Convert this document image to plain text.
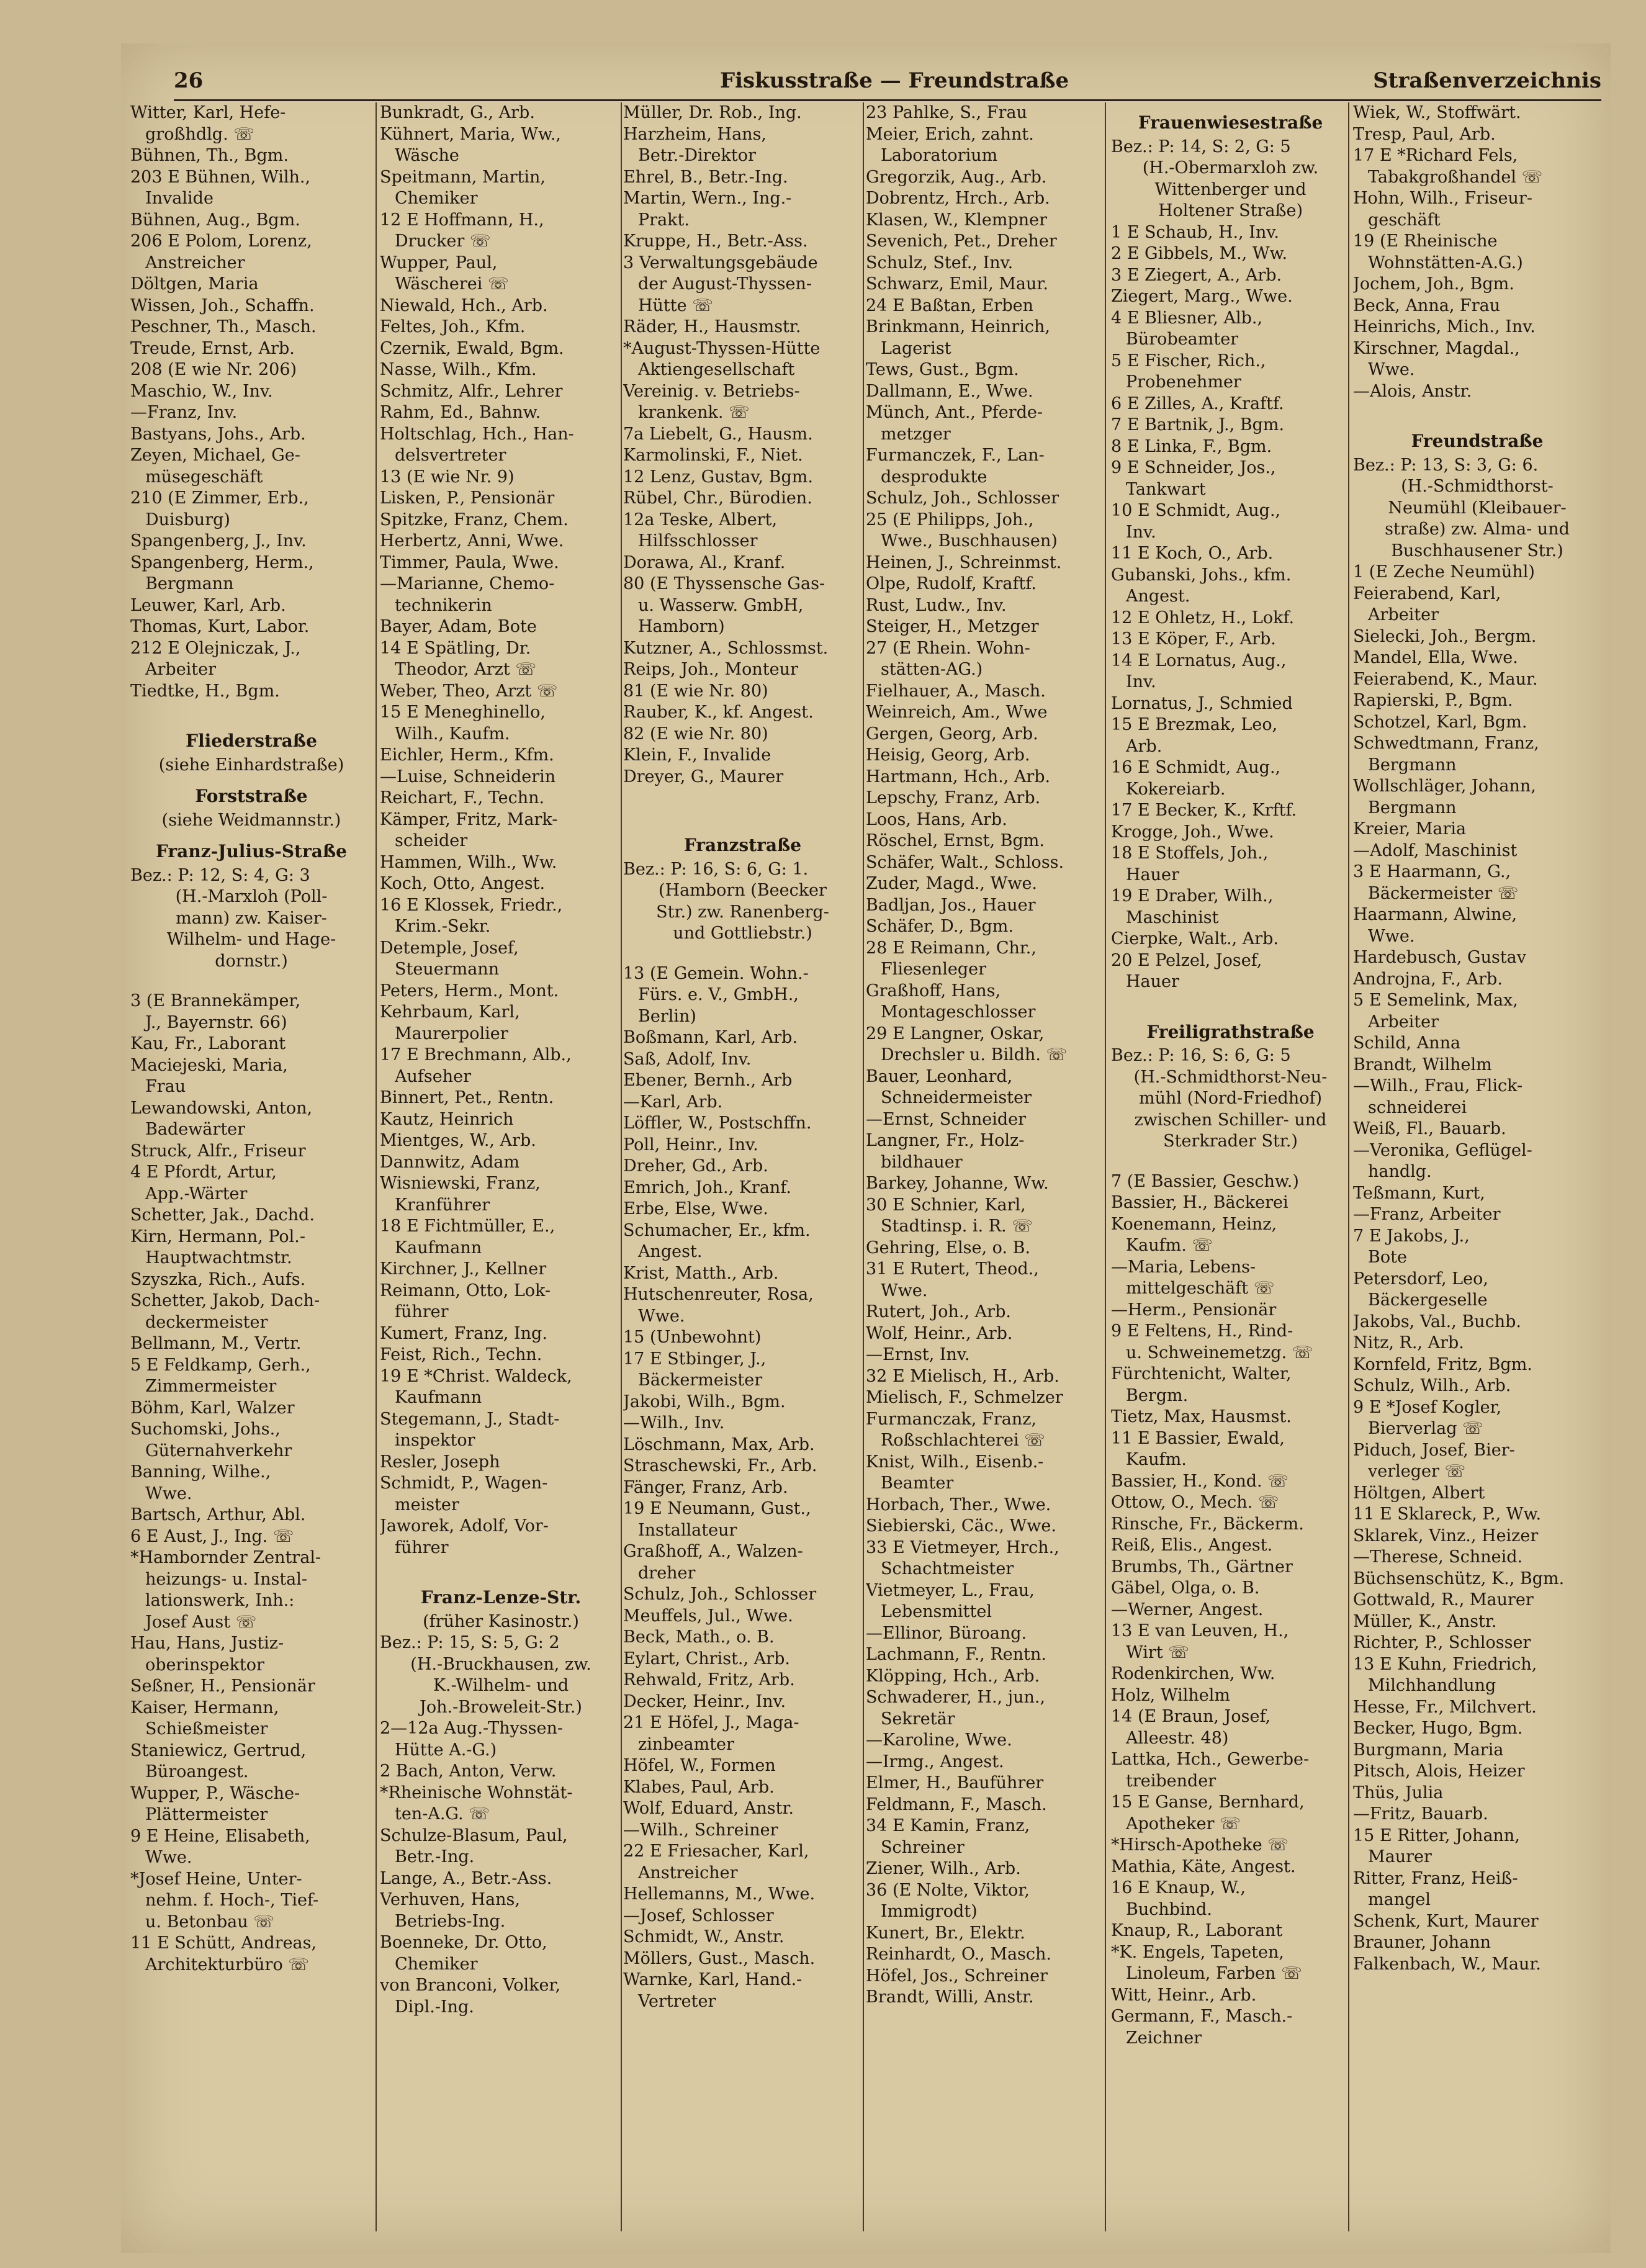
26	Fiskusstraße — Freundstraße	Straßenverzeichnis
Witter, Karl, Hefe-
großhdlg. ☏
Bühnen, Th., Bgm.
203 E Bühnen, Wilh.,
Invalide
Bühnen, Aug., Bgm.
206 E Polom, Lorenz,
Anstreicher
Döltgen, Maria
Wissen, Joh., Schaffn.
Peschner, Th., Masch.
Treude, Ernst, Arb.
208 (E wie Nr. 206)
Maschio, W., Inv.
—Franz, Inv.
Bastyans, Johs., Arb.
Zeyen, Michael, Ge-
müsegeschäft
210 (E Zimmer, Erb.,
Duisburg)
Spangenberg, J., Inv.
Spangenberg, Herm.,
Bergmann
Leuwer, Karl, Arb.
Thomas, Kurt, Labor.
212 E Olejniczak, J.,
Arbeiter
Tiedtke, H., Bgm.
Fliederstraße
(siehe Einhardstraße)
Forststraße
(siehe Weidmannstr.)
Franz-Julius-Straße
Bez.: P: 12, S: 4, G: 3
(H.-Marxloh (Poll-
mann) zw. Kaiser-
Wilhelm- und Hage-
dornstr.)
3 (E Brannekämper,
J., Bayernstr. 66)
Kau, Fr., Laborant
Maciejeski, Maria,
Frau
Lewandowski, Anton,
Badewärter
Struck, Alfr., Friseur
4 E Pfordt, Artur,
App.-Wärter
Schetter, Jak., Dachd.
Kirn, Hermann, Pol.-
Hauptwachtmstr.
Szyszka, Rich., Aufs.
Schetter, Jakob, Dach-
deckermeister
Bellmann, M., Vertr.
5 E Feldkamp, Gerh.,
Zimmermeister
Böhm, Karl, Walzer
Suchomski, Johs.,
Güternahverkehr
Banning, Wilhe.,
Wwe.
Bartsch, Arthur, Abl.
6 E Aust, J., Ing. ☏
*Hambornder Zentral-
heizungs- u. Instal-
lationswerk, Inh.:
Josef Aust ☏
Hau, Hans, Justiz-
oberinspektor
Seßner, H., Pensionär
Kaiser, Hermann,
Schießmeister
Staniewicz, Gertrud,
Büroangest.
Wupper, P., Wäsche-
Plättermeister
9 E Heine, Elisabeth,
Wwe.
*Josef Heine, Unter-
nehm. f. Hoch-, Tief-
u. Betonbau ☏
11 E Schütt, Andreas,
Architekturbüro ☏
Bunkradt, G., Arb.
Kühnert, Maria, Ww.,
Wäsche
Speitmann, Martin,
Chemiker
12 E Hoffmann, H.,
Drucker ☏
Wupper, Paul,
Wäscherei ☏
Niewald, Hch., Arb.
Feltes, Joh., Kfm.
Czernik, Ewald, Bgm.
Nasse, Wilh., Kfm.
Schmitz, Alfr., Lehrer
Rahm, Ed., Bahnw.
Holtschlag, Hch., Han-
delsvertreter
13 (E wie Nr. 9)
Lisken, P., Pensionär
Spitzke, Franz, Chem.
Herbertz, Anni, Wwe.
Timmer, Paula, Wwe.
—Marianne, Chemo-
technikerin
Bayer, Adam, Bote
14 E Spätling, Dr.
Theodor, Arzt ☏
Weber, Theo, Arzt ☏
15 E Meneghinello,
Wilh., Kaufm.
Eichler, Herm., Kfm.
—Luise, Schneiderin
Reichart, F., Techn.
Kämper, Fritz, Mark-
scheider
Hammen, Wilh., Ww.
Koch, Otto, Angest.
16 E Klossek, Friedr.,
Krim.-Sekr.
Detemple, Josef,
Steuermann
Peters, Herm., Mont.
Kehrbaum, Karl,
Maurerpolier
17 E Brechmann, Alb.,
Aufseher
Binnert, Pet., Rentn.
Kautz, Heinrich
Mientges, W., Arb.
Dannwitz, Adam
Wisniewski, Franz,
Kranführer
18 E Fichtmüller, E.,
Kaufmann
Kirchner, J., Kellner
Reimann, Otto, Lok-
führer
Kumert, Franz, Ing.
Feist, Rich., Techn.
19 E *Christ. Waldeck,
Kaufmann
Stegemann, J., Stadt-
inspektor
Resler, Joseph
Schmidt, P., Wagen-
meister
Jaworek, Adolf, Vor-
führer
Franz-Lenze-Str.
(früher Kasinostr.)
Bez.: P: 15, S: 5, G: 2
(H.-Bruckhausen, zw.
K.-Wilhelm- und
Joh.-Broweleit-Str.)
2—12a Aug.-Thyssen-
Hütte A.-G.)
2 Bach, Anton, Verw.
*Rheinische Wohnstät-
ten-A.G. ☏
Schulze-Blasum, Paul,
Betr.-Ing.
Lange, A., Betr.-Ass.
Verhuven, Hans,
Betriebs-Ing.
Boenneke, Dr. Otto,
Chemiker
von Branconi, Volker,
Dipl.-Ing.
Müller, Dr. Rob., Ing.
Harzheim, Hans,
Betr.-Direktor
Ehrel, B., Betr.-Ing.
Martin, Wern., Ing.-
Prakt.
Kruppe, H., Betr.-Ass.
3 Verwaltungsgebäude
der August-Thyssen-
Hütte ☏
Räder, H., Hausmstr.
*August-Thyssen-Hütte
Aktiengesellschaft
Vereinig. v. Betriebs-
krankenk. ☏
7a Liebelt, G., Hausm.
Karmolinski, F., Niet.
12 Lenz, Gustav, Bgm.
Rübel, Chr., Bürodien.
12a Teske, Albert,
Hilfsschlosser
Dorawa, Al., Kranf.
80 (E Thyssensche Gas-
u. Wasserw. GmbH,
Hamborn)
Kutzner, A., Schlossmst.
Reips, Joh., Monteur
81 (E wie Nr. 80)
Rauber, K., kf. Angest.
82 (E wie Nr. 80)
Klein, F., Invalide
Dreyer, G., Maurer
Franzstraße
Bez.: P: 16, S: 6, G: 1.
(Hamborn (Beecker
Str.) zw. Ranenberg-
und Gottliebstr.)
13 (E Gemein. Wohn.-
Fürs. e. V., GmbH.,
Berlin)
Boßmann, Karl, Arb.
Saß, Adolf, Inv.
Ebener, Bernh., Arb
—Karl, Arb.
Löffler, W., Postschffn.
Poll, Heinr., Inv.
Dreher, Gd., Arb.
Emrich, Joh., Kranf.
Erbe, Else, Wwe.
Schumacher, Er., kfm.
Angest.
Krist, Matth., Arb.
Hutschenreuter, Rosa,
Wwe.
15 (Unbewohnt)
17 E Stbinger, J.,
Bäckermeister
Jakobi, Wilh., Bgm.
—Wilh., Inv.
Löschmann, Max, Arb.
Straschewski, Fr., Arb.
Fänger, Franz, Arb.
19 E Neumann, Gust.,
Installateur
Graßhoff, A., Walzen-
dreher
Schulz, Joh., Schlosser
Meuffels, Jul., Wwe.
Beck, Math., o. B.
Eylart, Christ., Arb.
Rehwald, Fritz, Arb.
Decker, Heinr., Inv.
21 E Höfel, J., Maga-
zinbeamter
Höfel, W., Formen
Klabes, Paul, Arb.
Wolf, Eduard, Anstr.
—Wilh., Schreiner
22 E Friesacher, Karl,
Anstreicher
Hellemanns, M., Wwe.
—Josef, Schlosser
Schmidt, W., Anstr.
Möllers, Gust., Masch.
Warnke, Karl, Hand.-
Vertreter
23 Pahlke, S., Frau
Meier, Erich, zahnt.
Laboratorium
Gregorzik, Aug., Arb.
Dobrentz, Hrch., Arb.
Klasen, W., Klempner
Sevenich, Pet., Dreher
Schulz, Stef., Inv.
Schwarz, Emil, Maur.
24 E Baßtan, Erben
Brinkmann, Heinrich,
Lagerist
Tews, Gust., Bgm.
Dallmann, E., Wwe.
Münch, Ant., Pferde-
metzger
Furmanczek, F., Lan-
desprodukte
Schulz, Joh., Schlosser
25 (E Philipps, Joh.,
Wwe., Buschhausen)
Heinen, J., Schreinmst.
Olpe, Rudolf, Kraftf.
Rust, Ludw., Inv.
Steiger, H., Metzger
27 (E Rhein. Wohn-
stätten-AG.)
Fielhauer, A., Masch.
Weinreich, Am., Wwe
Gergen, Georg, Arb.
Heisig, Georg, Arb.
Hartmann, Hch., Arb.
Lepschy, Franz, Arb.
Loos, Hans, Arb.
Röschel, Ernst, Bgm.
Schäfer, Walt., Schloss.
Zuder, Magd., Wwe.
Badljan, Jos., Hauer
Schäfer, D., Bgm.
28 E Reimann, Chr.,
Fliesenleger
Graßhoff, Hans,
Montageschlosser
29 E Langner, Oskar,
Drechsler u. Bildh. ☏
Bauer, Leonhard,
Schneidermeister
—Ernst, Schneider
Langner, Fr., Holz-
bildhauer
Barkey, Johanne, Ww.
30 E Schnier, Karl,
Stadtinsp. i. R. ☏
Gehring, Else, o. B.
31 E Rutert, Theod.,
Wwe.
Rutert, Joh., Arb.
Wolf, Heinr., Arb.
—Ernst, Inv.
32 E Mielisch, H., Arb.
Mielisch, F., Schmelzer
Furmanczak, Franz,
Roßschlachterei ☏
Knist, Wilh., Eisenb.-
Beamter
Horbach, Ther., Wwe.
Siebierski, Cäc., Wwe.
33 E Vietmeyer, Hrch.,
Schachtmeister
Vietmeyer, L., Frau,
Lebensmittel
—Ellinor, Büroang.
Lachmann, F., Rentn.
Klöpping, Hch., Arb.
Schwaderer, H., jun.,
Sekretär
—Karoline, Wwe.
—Irmg., Angest.
Elmer, H., Bauführer
Feldmann, F., Masch.
34 E Kamin, Franz,
Schreiner
Ziener, Wilh., Arb.
36 (E Nolte, Viktor,
Immigrodt)
Kunert, Br., Elektr.
Reinhardt, O., Masch.
Höfel, Jos., Schreiner
Brandt, Willi, Anstr.
Frauenwiesestraße
Bez.: P: 14, S: 2, G: 5
(H.-Obermarxloh zw.
Wittenberger und
Holtener Straße)
1 E Schaub, H., Inv.
2 E Gibbels, M., Ww.
3 E Ziegert, A., Arb.
Ziegert, Marg., Wwe.
4 E Bliesner, Alb.,
Bürobeamter
5 E Fischer, Rich.,
Probenehmer
6 E Zilles, A., Kraftf.
7 E Bartnik, J., Bgm.
8 E Linka, F., Bgm.
9 E Schneider, Jos.,
Tankwart
10 E Schmidt, Aug.,
Inv.
11 E Koch, O., Arb.
Gubanski, Johs., kfm.
Angest.
12 E Ohletz, H., Lokf.
13 E Köper, F., Arb.
14 E Lornatus, Aug.,
Inv.
Lornatus, J., Schmied
15 E Brezmak, Leo,
Arb.
16 E Schmidt, Aug.,
Kokereiarb.
17 E Becker, K., Krftf.
Krogge, Joh., Wwe.
18 E Stoffels, Joh.,
Hauer
19 E Draber, Wilh.,
Maschinist
Cierpke, Walt., Arb.
20 E Pelzel, Josef,
Hauer
Freiligrathstraße
Bez.: P: 16, S: 6, G: 5
(H.-Schmidthorst-Neu-
mühl (Nord-Friedhof)
zwischen Schiller- und
Sterkrader Str.)
7 (E Bassier, Geschw.)
Bassier, H., Bäckerei
Koenemann, Heinz,
Kaufm. ☏
—Maria, Lebens-
mittelgeschäft ☏
—Herm., Pensionär
9 E Feltens, H., Rind-
u. Schweinemetzg. ☏
Fürchtenicht, Walter,
Bergm.
Tietz, Max, Hausmst.
11 E Bassier, Ewald,
Kaufm.
Bassier, H., Kond. ☏
Ottow, O., Mech. ☏
Rinsche, Fr., Bäckerm.
Reiß, Elis., Angest.
Brumbs, Th., Gärtner
Gäbel, Olga, o. B.
—Werner, Angest.
13 E van Leuven, H.,
Wirt ☏
Rodenkirchen, Ww.
Holz, Wilhelm
14 (E Braun, Josef,
Alleestr. 48)
Lattka, Hch., Gewerbe-
treibender
15 E Ganse, Bernhard,
Apotheker ☏
*Hirsch-Apotheke ☏
Mathia, Käte, Angest.
16 E Knaup, W.,
Buchbind.
Knaup, R., Laborant
*K. Engels, Tapeten,
Linoleum, Farben ☏
Witt, Heinr., Arb.
Germann, F., Masch.-
Zeichner
Wiek, W., Stoffwärt.
Tresp, Paul, Arb.
17 E *Richard Fels,
Tabakgroßhandel ☏
Hohn, Wilh., Friseur-
geschäft
19 (E Rheinische
Wohnstätten-A.G.)
Jochem, Joh., Bgm.
Beck, Anna, Frau
Heinrichs, Mich., Inv.
Kirschner, Magdal.,
Wwe.
—Alois, Anstr.
Freundstraße
Bez.: P: 13, S: 3, G: 6.
(H.-Schmidthorst-
Neumühl (Kleibauer-
straße) zw. Alma- und
Buschhausener Str.)
1 (E Zeche Neumühl)
Feierabend, Karl,
Arbeiter
Sielecki, Joh., Bergm.
Mandel, Ella, Wwe.
Feierabend, K., Maur.
Rapierski, P., Bgm.
Schotzel, Karl, Bgm.
Schwedtmann, Franz,
Bergmann
Wollschläger, Johann,
Bergmann
Kreier, Maria
—Adolf, Maschinist
3 E Haarmann, G.,
Bäckermeister ☏
Haarmann, Alwine,
Wwe.
Hardebusch, Gustav
Androjna, F., Arb.
5 E Semelink, Max,
Arbeiter
Schild, Anna
Brandt, Wilhelm
—Wilh., Frau, Flick-
schneiderei
Weiß, Fl., Bauarb.
—Veronika, Geflügel-
handlg.
Teßmann, Kurt,
—Franz, Arbeiter
7 E Jakobs, J.,
Bote
Petersdorf, Leo,
Bäckergeselle
Jakobs, Val., Buchb.
Nitz, R., Arb.
Kornfeld, Fritz, Bgm.
Schulz, Wilh., Arb.
9 E *Josef Kogler,
Bierverlag ☏
Piduch, Josef, Bier-
verleger ☏
Höltgen, Albert
11 E Sklareck, P., Ww.
Sklarek, Vinz., Heizer
—Therese, Schneid.
Büchsenschütz, K., Bgm.
Gottwald, R., Maurer
Müller, K., Anstr.
Richter, P., Schlosser
13 E Kuhn, Friedrich,
Milchhandlung
Hesse, Fr., Milchvert.
Becker, Hugo, Bgm.
Burgmann, Maria
Pitsch, Alois, Heizer
Thüs, Julia
—Fritz, Bauarb.
15 E Ritter, Johann,
Maurer
Ritter, Franz, Heiß-
mangel
Schenk, Kurt, Maurer
Brauner, Johann
Falkenbach, W., Maur.
